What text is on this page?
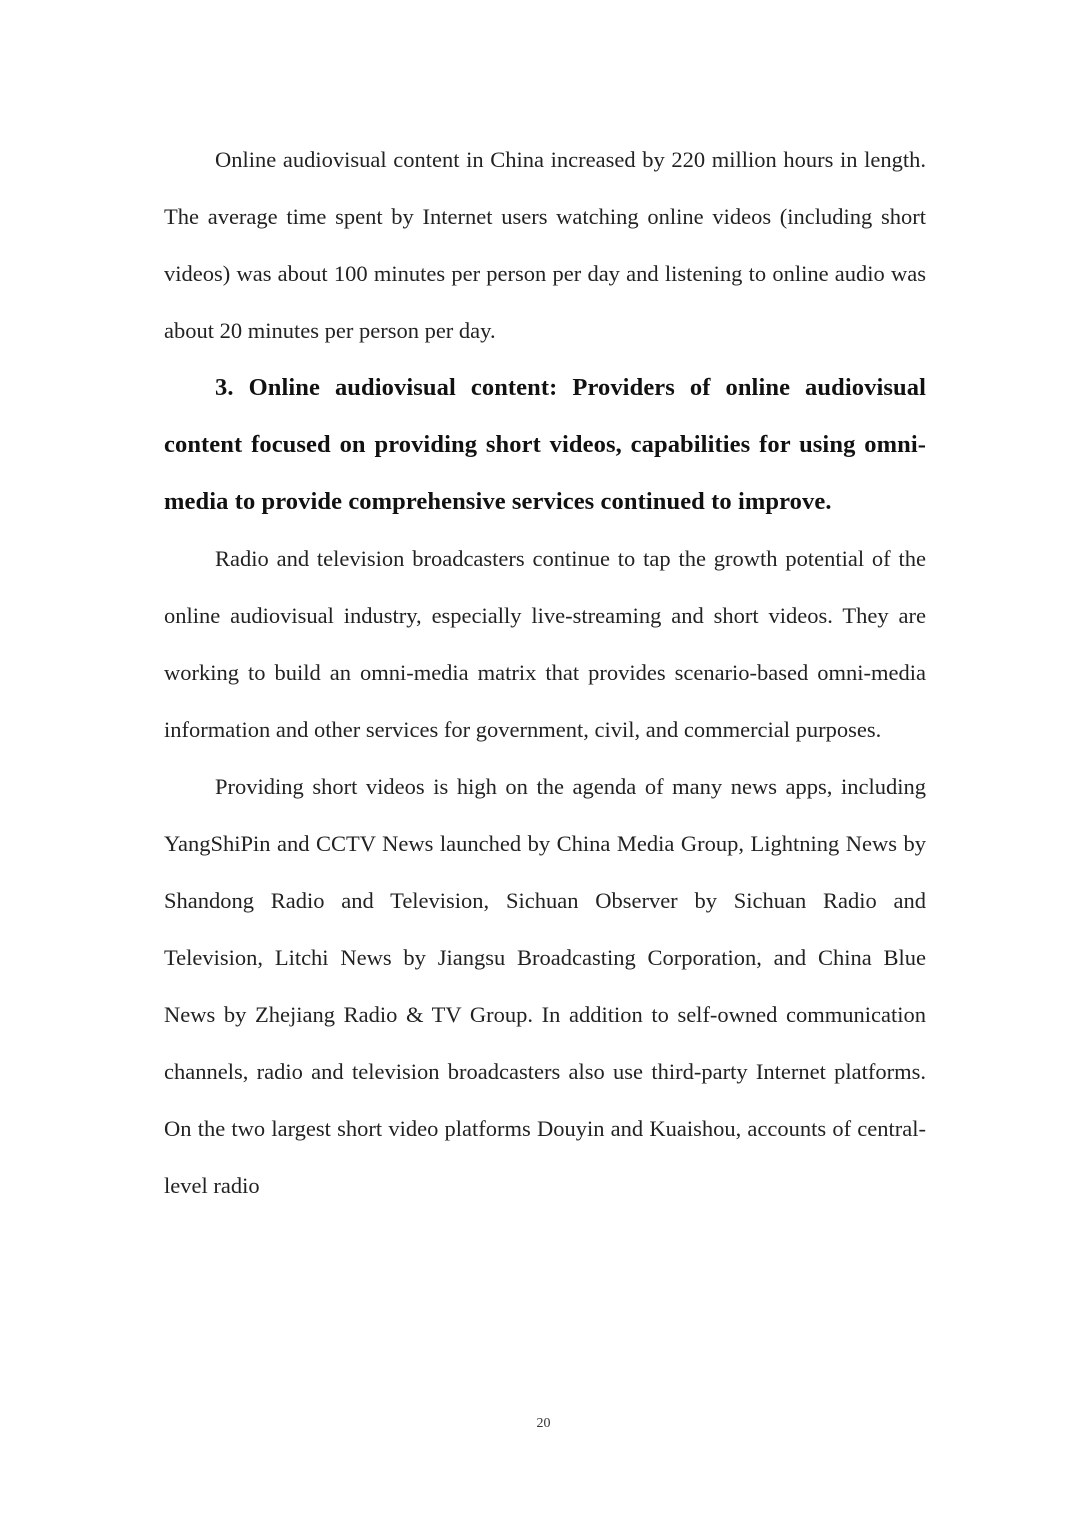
Online audiovisual content in China increased by 220 million hours in length. The average time spent by Internet users watching online videos (including short videos) was about 100 minutes per person per day and listening to online audio was about 20 minutes per person per day.

3. Online audiovisual content: Providers of online audiovisual content focused on providing short videos, capabilities for using omni-media to provide comprehensive services continued to improve.

Radio and television broadcasters continue to tap the growth potential of the online audiovisual industry, especially live-streaming and short videos. They are working to build an omni-media matrix that provides scenario-based omni-media information and other services for government, civil, and commercial purposes.

Providing short videos is high on the agenda of many news apps, including YangShiPin and CCTV News launched by China Media Group, Lightning News by Shandong Radio and Television, Sichuan Observer by Sichuan Radio and Television, Litchi News by Jiangsu Broadcasting Corporation, and China Blue News by Zhejiang Radio & TV Group. In addition to self-owned communication channels, radio and television broadcasters also use third-party Internet platforms. On the two largest short video platforms Douyin and Kuaishou, accounts of central-level radio

20
